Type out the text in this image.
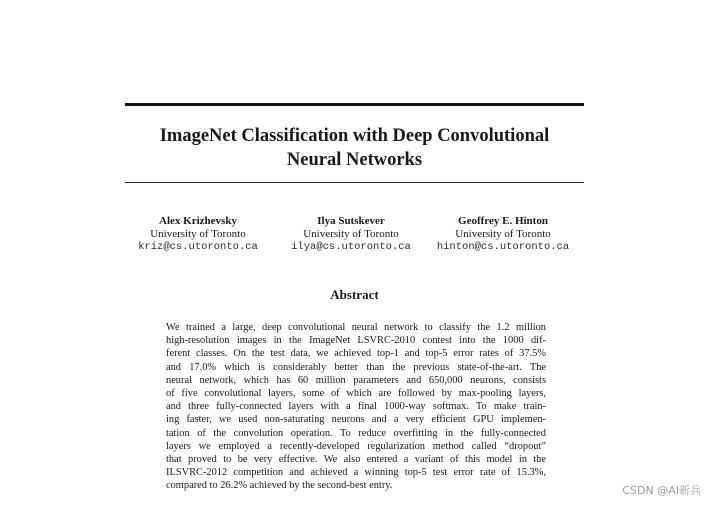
ImageNet Classification with Deep Convolutional
Neural Networks
Alex Krizhevsky
University of Toronto
kriz@cs.utoronto.ca
Ilya Sutskever
University of Toronto
ilya@cs.utoronto.ca
Geoffrey E. Hinton
University of Toronto
hinton@cs.utoronto.ca
Abstract
We trained a large, deep convolutional neural network to classify the 1.2 million
high-resolution images in the ImageNet LSVRC-2010 contest into the 1000 dif-
ferent classes. On the test data, we achieved top-1 and top-5 error rates of 37.5%
and 17.0% which is considerably better than the previous state-of-the-art. The
neural network, which has 60 million parameters and 650,000 neurons, consists
of five convolutional layers, some of which are followed by max-pooling layers,
and three fully-connected layers with a final 1000-way softmax. To make train-
ing faster, we used non-saturating neurons and a very efficient GPU implemen-
tation of the convolution operation. To reduce overfitting in the fully-connected
layers we employed a recently-developed regularization method called “dropout”
that proved to be very effective. We also entered a variant of this model in the
ILSVRC-2012 competition and achieved a winning top-5 test error rate of 15.3%,
compared to 26.2% achieved by the second-best entry.	CSDN @AI新兵
